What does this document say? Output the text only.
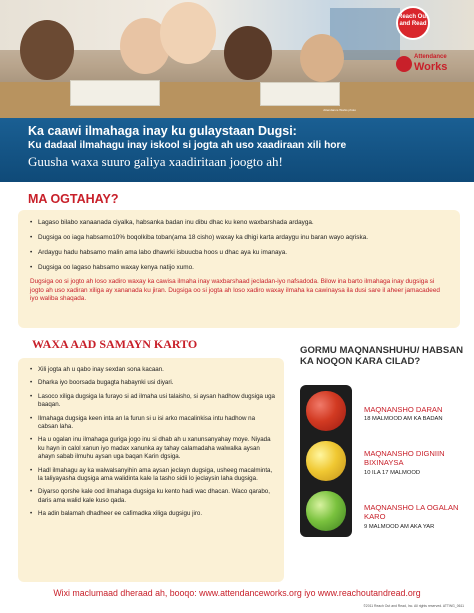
Attendance Works photo
Reach Out and Read
Attendance
Works
Ka caawi ilmahaga inay ku gulaystaan Dugsi:
Ku dadaal ilmahagu inay iskool si jogta ah uso xaadiraan xili hore
Guusha waxa suuro galiya xaadiritaan joogto ah!
MA OGTAHAY?
• Lagaso bilabo xanaanada ciyalka, habsanka badan inu dibu dhac ku keno waxbarshada ardayga.
• Dugsiga oo iaga habsamo10% boqolkiba toban(ama 18 cisho) waxay ka dhigi karta ardaygu inu baran wayo aqriska.
• Ardaygu hadu habsamo malin ama labo dhawrki isbuucba hoos u dhac aya ku imanaya.
• Dugsiga oo lagaso habsamo waxay kenya natijo xumo.
Dugsiga oo si jogto ah loso xadiro waxay ka cawisa ilmaha inay waxbarshaad jecladan-iyo nafsadoda. Bilow ina barto ilmahaga inay dugsiga si jogto ah uso xadiran xiliga ay xananada ku jiran. Dugsiga oo si jogta ah loso xadiro waxay ilmaha ka cawinaysa ila dusi sare il aheer jamacadeed iyo waliba shaqada.
WAXA AAD SAMAYN KARTO
• Xili jogta ah u qabo inay sexdan sona kacaan.
• Dharka iyo boorsada bugagta habaynki usi diyari.
• Lasoco xiliga dugsiga la furayo si ad ilmaha usi talaisho, si aysan hadhow dugsiga uga baaqan.
• Ilmahaga dugsiga keen inta an la furun si u isi arko macalinkisa intu hadhow na cabsan laha.
• Ha u ogalan inu ilmahaga guriga jogo inu si dhab ah u xanunsanyahay moye. Niyada ku hayn in calol xanun iyo madax xanunka ay tahay calamadaha walwalka aysan ahayn sabab ilmuhu aysan uga baqan Karin dgsiga.
• Hadl ilmahagu ay ka walwalsanyihin ama aysan jeclayn dugsiga, usheeg macalminta, la taliyayasha dugsiga ama walidinta kale la tasho sidii lo jeclaysin laha dugsiga.
• Diyarso qorshe kale ood ilmahaga dugsiga ku kento hadi wac dhacan. Waco qarabo, daris ama walid kale kuso qada.
• Ha adin balamah dhadheer ee cafimadka xiliga dugsigu jiro.
GORMU MAQNANSHUHU/ HABSAN KA NOQON KARA CILAD?
MAQNANSHO DARAN
18 MALMOOD AM KA BADAN
MAQNANSHO DIGNIIN BIXINAYSA
10 ILA 17 MALMOOD
MAQNANSHO LA OGALAN KARO
9 MALMOOD AM AKA YAR
Wixi maclumaad dheraad ah, booqo: www.attendanceworks.org iyo www.reachoutandread.org
©2011 Reach Out and Read, Inc. All rights reserved. ATTWG_0611
